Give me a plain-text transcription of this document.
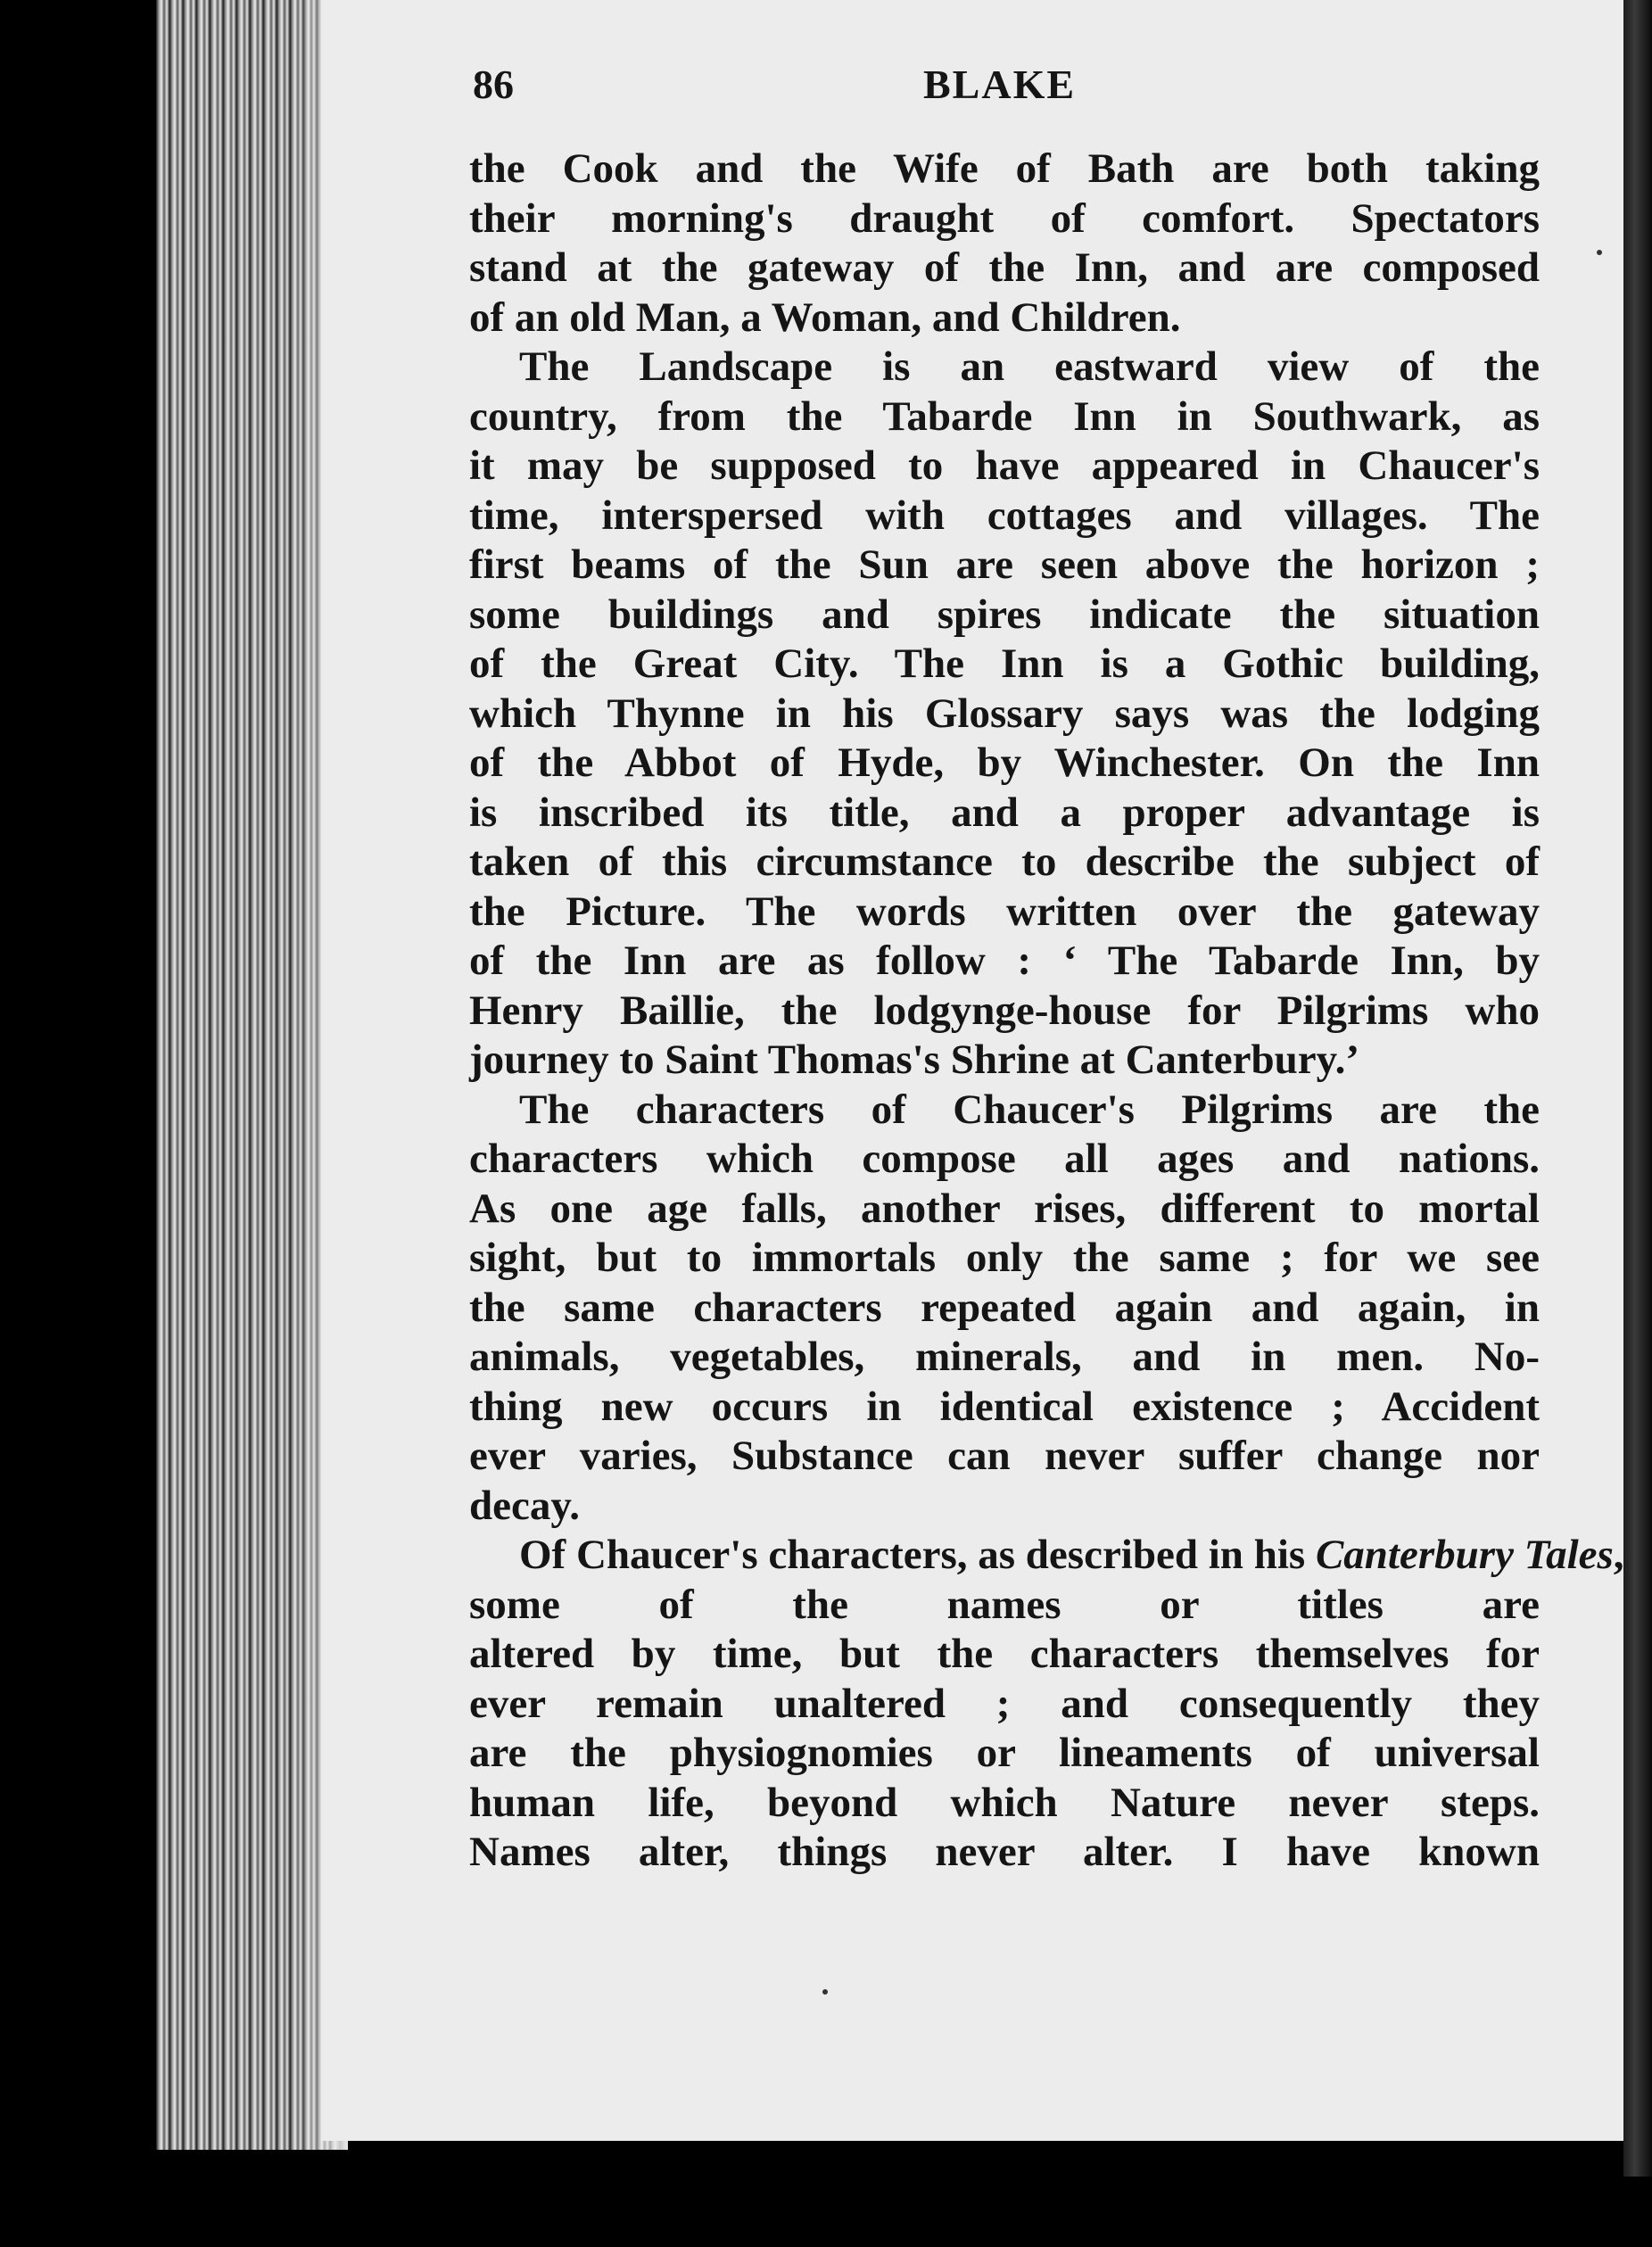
86	BLAKE

the Cook and the Wife of Bath are both taking
their morning's draught of comfort. Spectators
stand at the gateway of the Inn, and are composed
of an old Man, a Woman, and Children.

The Landscape is an eastward view of the
country, from the Tabarde Inn in Southwark, as
it may be supposed to have appeared in Chaucer's
time, interspersed with cottages and villages. The
first beams of the Sun are seen above the horizon ;
some buildings and spires indicate the situation
of the Great City. The Inn is a Gothic building,
which Thynne in his Glossary says was the lodging
of the Abbot of Hyde, by Winchester. On the Inn
is inscribed its title, and a proper advantage is
taken of this circumstance to describe the subject of
the Picture. The words written over the gateway
of the Inn are as follow : ‘ The Tabarde Inn, by
Henry Baillie, the lodgynge-house for Pilgrims who
journey to Saint Thomas's Shrine at Canterbury.’

The characters of Chaucer's Pilgrims are the
characters which compose all ages and nations.
As one age falls, another rises, different to mortal
sight, but to immortals only the same ; for we see
the same characters repeated again and again, in
animals, vegetables, minerals, and in men. No-
thing new occurs in identical existence ; Accident
ever varies, Substance can never suffer change nor
decay.

Of Chaucer's characters, as described in his Canterbury Tales
some of the names or titles are
altered by time, but the characters themselves for
ever remain unaltered ; and consequently they
are the physiognomies or lineaments of universal
human life, beyond which Nature never steps.
Names alter, things never alter. I have known
